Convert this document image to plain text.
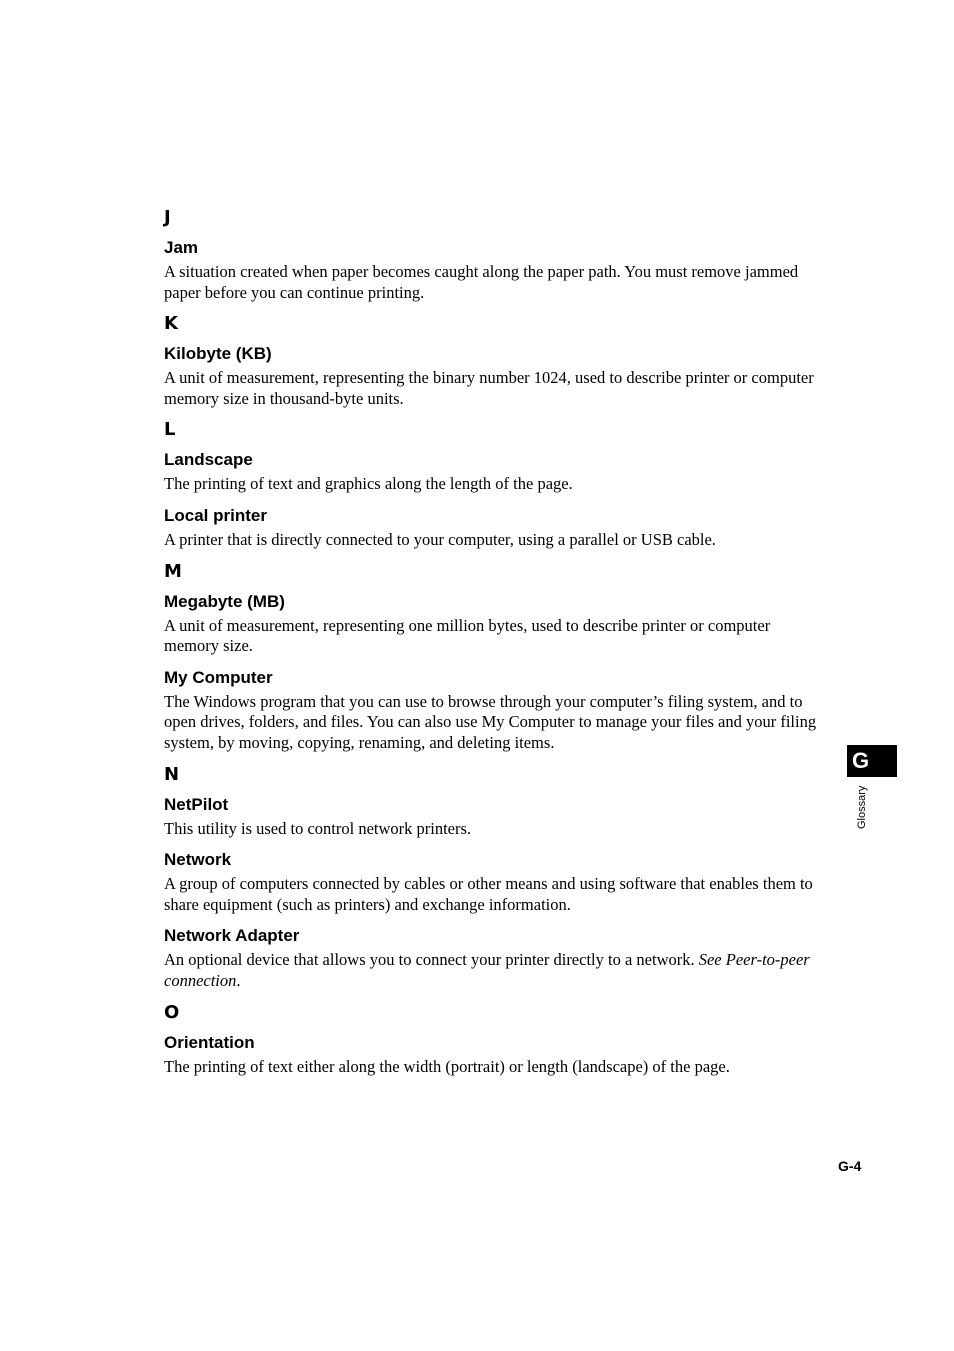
J
Jam
A situation created when paper becomes caught along the paper path. You must remove jammed paper before you can continue printing.
K
Kilobyte (KB)
A unit of measurement, representing the binary number 1024, used to describe printer or computer memory size in thousand-byte units.
L
Landscape
The printing of text and graphics along the length of the page.
Local printer
A printer that is directly connected to your computer, using a parallel or USB cable.
M
Megabyte (MB)
A unit of measurement, representing one million bytes, used to describe printer or computer memory size.
My Computer
The Windows program that you can use to browse through your computer’s filing system, and to open drives, folders, and files. You can also use My Computer to manage your files and your filing system, by moving, copying, renaming, and deleting items.
N
NetPilot
This utility is used to control network printers.
Network
A group of computers connected by cables or other means and using software that enables them to share equipment (such as printers) and exchange information.
Network Adapter
An optional device that allows you to connect your printer directly to a network. See Peer-to-peer connection.
O
Orientation
The printing of text either along the width (portrait) or length (landscape) of the page.
G
Glossary
G-4
